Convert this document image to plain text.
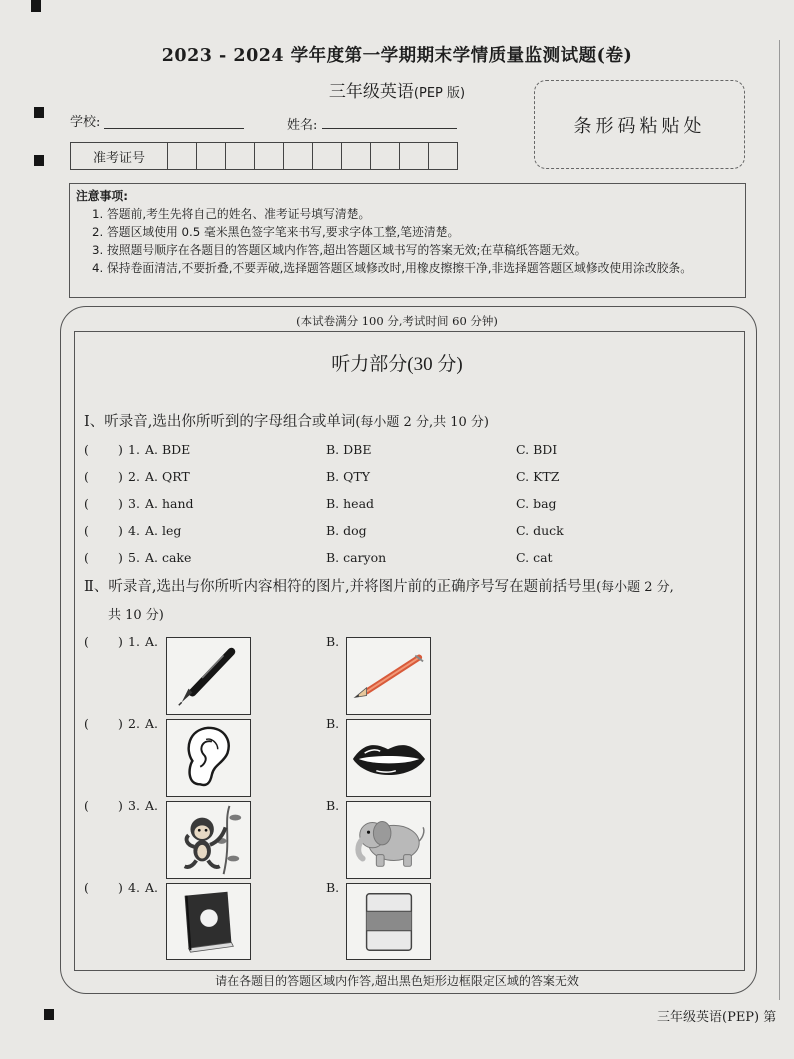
2023 - 2024 学年度第一学期期末学情质量监测试题(卷)
三年级英语(PEP 版)
条形码粘贴处
学校:	姓名:
准考证号
注意事项:
1. 答题前,考生先将自己的姓名、准考证号填写清楚。
2. 答题区域使用 0.5 毫米黑色签字笔来书写,要求字体工整,笔迹清楚。
3. 按照题号顺序在各题目的答题区域内作答,超出答题区域书写的答案无效;在草稿纸答题无效。
4. 保持卷面清洁,不要折叠,不要弄破,选择题答题区域修改时,用橡皮擦擦干净,非选择题答题区域修改使用涂改胶条。
(本试卷满分 100 分,考试时间 60 分钟)
听力部分(30 分)
Ⅰ、听录音,选出你所听到的字母组合或单词(每小题 2 分,共 10 分)
( ) 1. A. BDE	B. DBE	C. BDI
( ) 2. A. QRT	B. QTY	C. KTZ
( ) 3. A. hand	B. head	C. bag
( ) 4. A. leg	B. dog	C. duck
( ) 5. A. cake	B. caryon	C. cat
Ⅱ、听录音,选出与你所听内容相符的图片,并将图片前的正确序号写在题前括号里(每小题 2 分,
共 10 分)
( ) 1. A.	B.
( ) 2. A.	B.
( ) 3. A.	B.
( ) 4. A.	B.
请在各题目的答题区域内作答,超出黑色矩形边框限定区域的答案无效
三年级英语(PEP) 第
